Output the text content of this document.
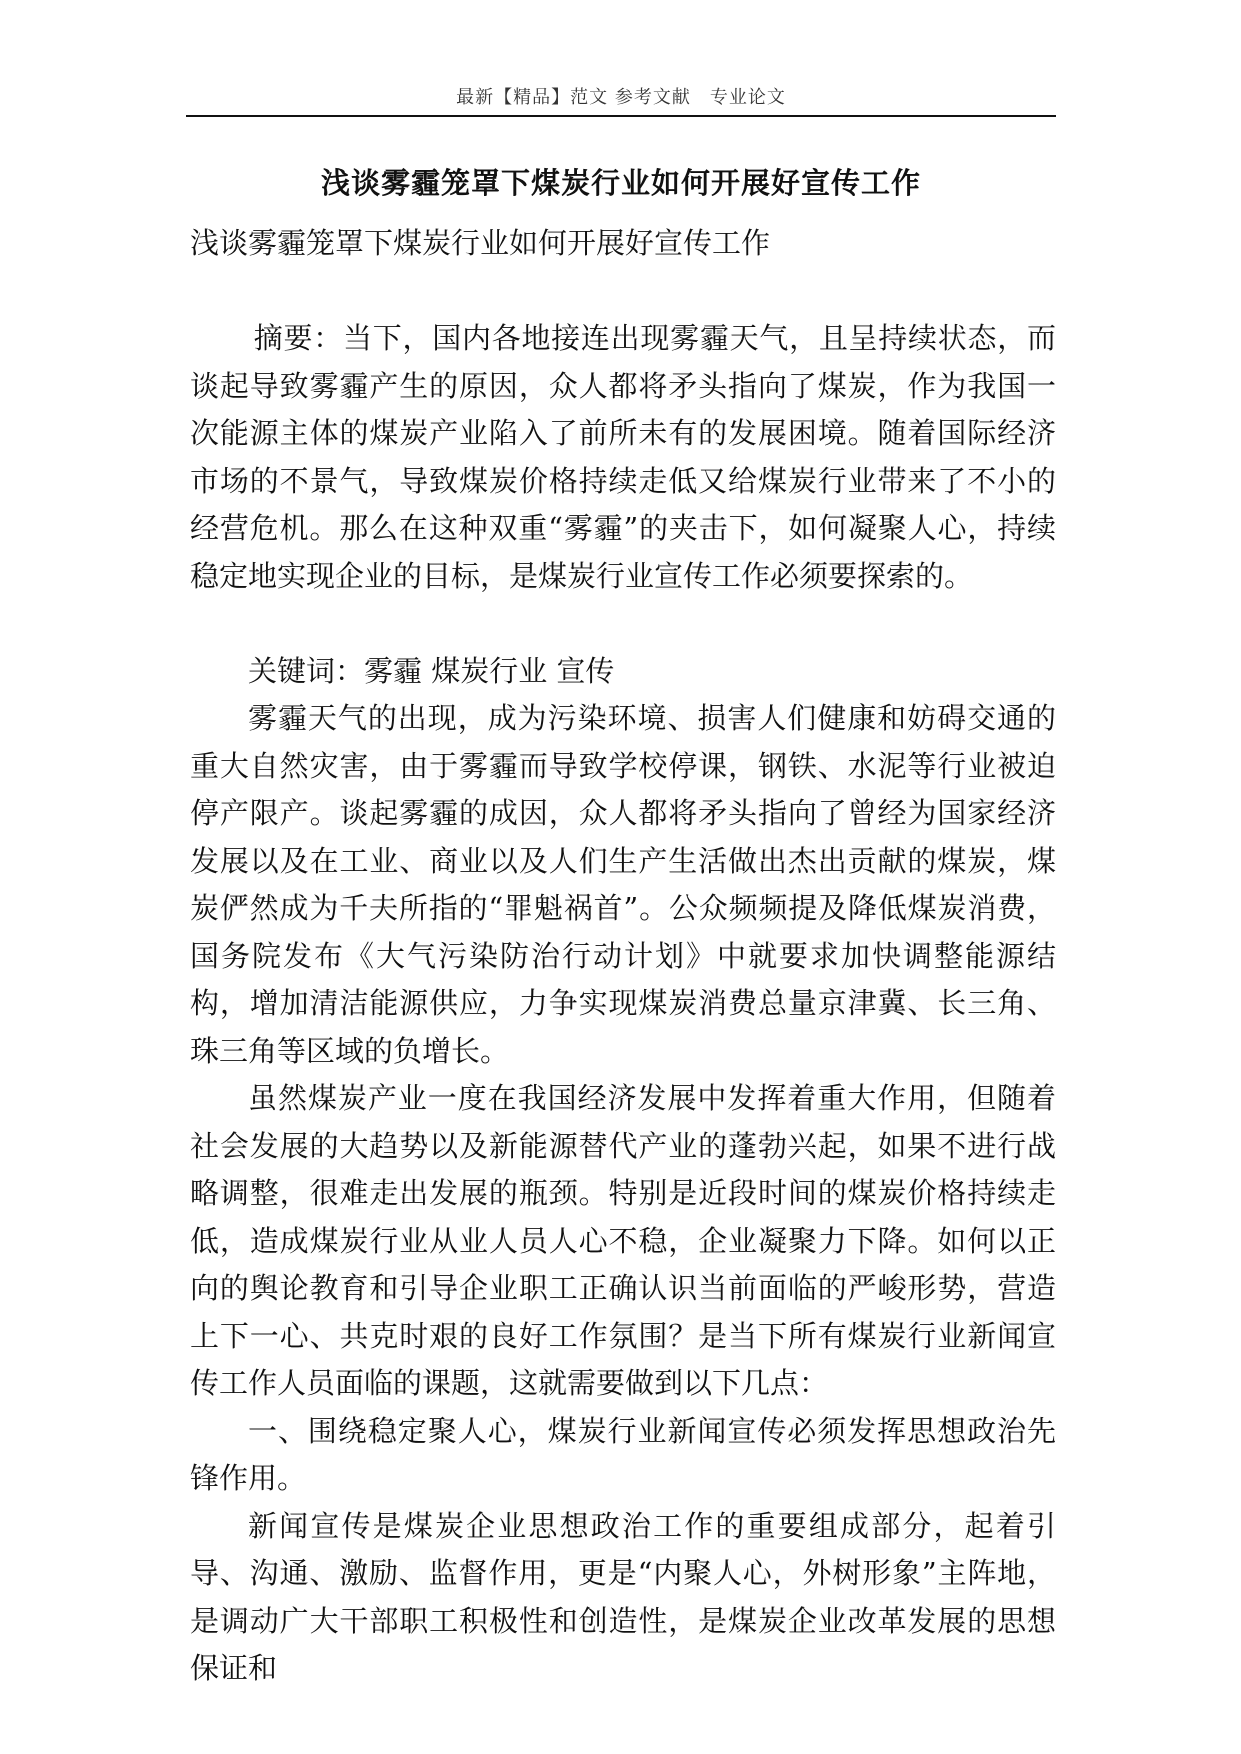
最新【精品】范文 参考文献　专业论文
浅谈雾霾笼罩下煤炭行业如何开展好宣传工作

浅谈雾霾笼罩下煤炭行业如何开展好宣传工作

摘要：当下，国内各地接连出现雾霾天气，且呈持续状态，而谈起导致雾霾产生的原因，众人都将矛头指向了煤炭，作为我国一次能源主体的煤炭产业陷入了前所未有的发展困境。随着国际经济市场的不景气，导致煤炭价格持续走低又给煤炭行业带来了不小的经营危机。那么在这种双重“雾霾”的夹击下，如何凝聚人心，持续稳定地实现企业的目标，是煤炭行业宣传工作必须要探索的。

关键词：雾霾 煤炭行业 宣传

雾霾天气的出现，成为污染环境、损害人们健康和妨碍交通的重大自然灾害，由于雾霾而导致学校停课，钢铁、水泥等行业被迫停产限产。谈起雾霾的成因，众人都将矛头指向了曾经为国家经济发展以及在工业、商业以及人们生产生活做出杰出贡献的煤炭，煤炭俨然成为千夫所指的“罪魁祸首”。公众频频提及降低煤炭消费，国务院发布《大气污染防治行动计划》中就要求加快调整能源结构，增加清洁能源供应，力争实现煤炭消费总量京津冀、长三角、珠三角等区域的负增长。

虽然煤炭产业一度在我国经济发展中发挥着重大作用，但随着社会发展的大趋势以及新能源替代产业的蓬勃兴起，如果不进行战略调整，很难走出发展的瓶颈。特别是近段时间的煤炭价格持续走低，造成煤炭行业从业人员人心不稳，企业凝聚力下降。如何以正向的舆论教育和引导企业职工正确认识当前面临的严峻形势，营造上下一心、共克时艰的良好工作氛围？是当下所有煤炭行业新闻宣传工作人员面临的课题，这就需要做到以下几点：

一、围绕稳定聚人心，煤炭行业新闻宣传必须发挥思想政治先锋作用。

新闻宣传是煤炭企业思想政治工作的重要组成部分，起着引导、沟通、激励、监督作用，更是“内聚人心，外树形象”主阵地，是调动广大干部职工积极性和创造性，是煤炭企业改革发展的思想保证和
